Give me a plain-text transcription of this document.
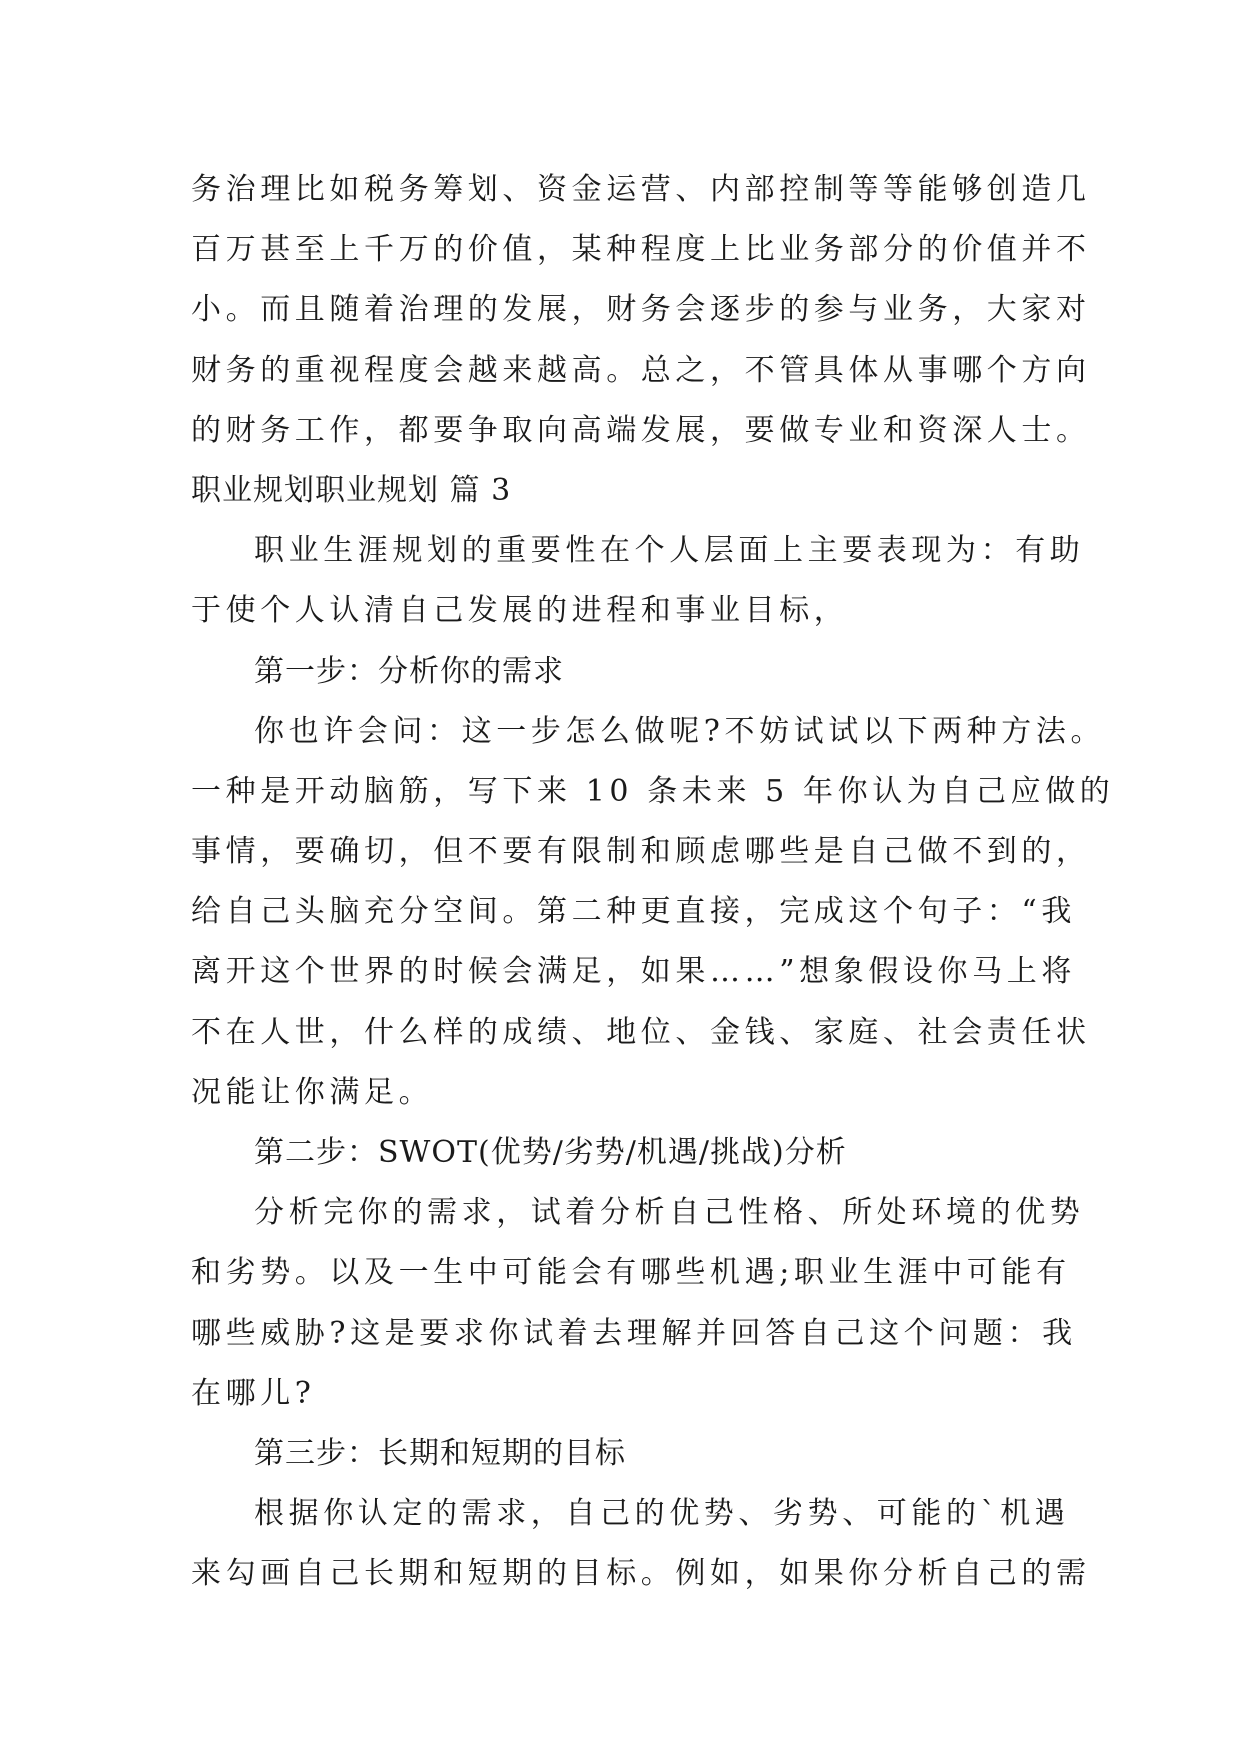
务治理比如税务筹划、资金运营、内部控制等等能够创造几
百万甚至上千万的价值，某种程度上比业务部分的价值并不
小。而且随着治理的发展，财务会逐步的参与业务，大家对
财务的重视程度会越来越高。总之，不管具体从事哪个方向
的财务工作，都要争取向高端发展，要做专业和资深人士。
职业规划职业规划 篇 3
职业生涯规划的重要性在个人层面上主要表现为：有助
于使个人认清自己发展的进程和事业目标，
第一步：分析你的需求
你也许会问：这一步怎么做呢?不妨试试以下两种方法。
一种是开动脑筋，写下来 10 条未来 5 年你认为自己应做的
事情，要确切，但不要有限制和顾虑哪些是自己做不到的，
给自己头脑充分空间。第二种更直接，完成这个句子：“我
离开这个世界的时候会满足，如果……”想象假设你马上将
不在人世，什么样的成绩、地位、金钱、家庭、社会责任状
况能让你满足。
第二步：SWOT(优势/劣势/机遇/挑战)分析
分析完你的需求，试着分析自己性格、所处环境的优势
和劣势。以及一生中可能会有哪些机遇;职业生涯中可能有
哪些威胁?这是要求你试着去理解并回答自己这个问题：我
在哪儿?
第三步：长期和短期的目标
根据你认定的需求，自己的优势、劣势、可能的`机遇
来勾画自己长期和短期的目标。例如，如果你分析自己的需
